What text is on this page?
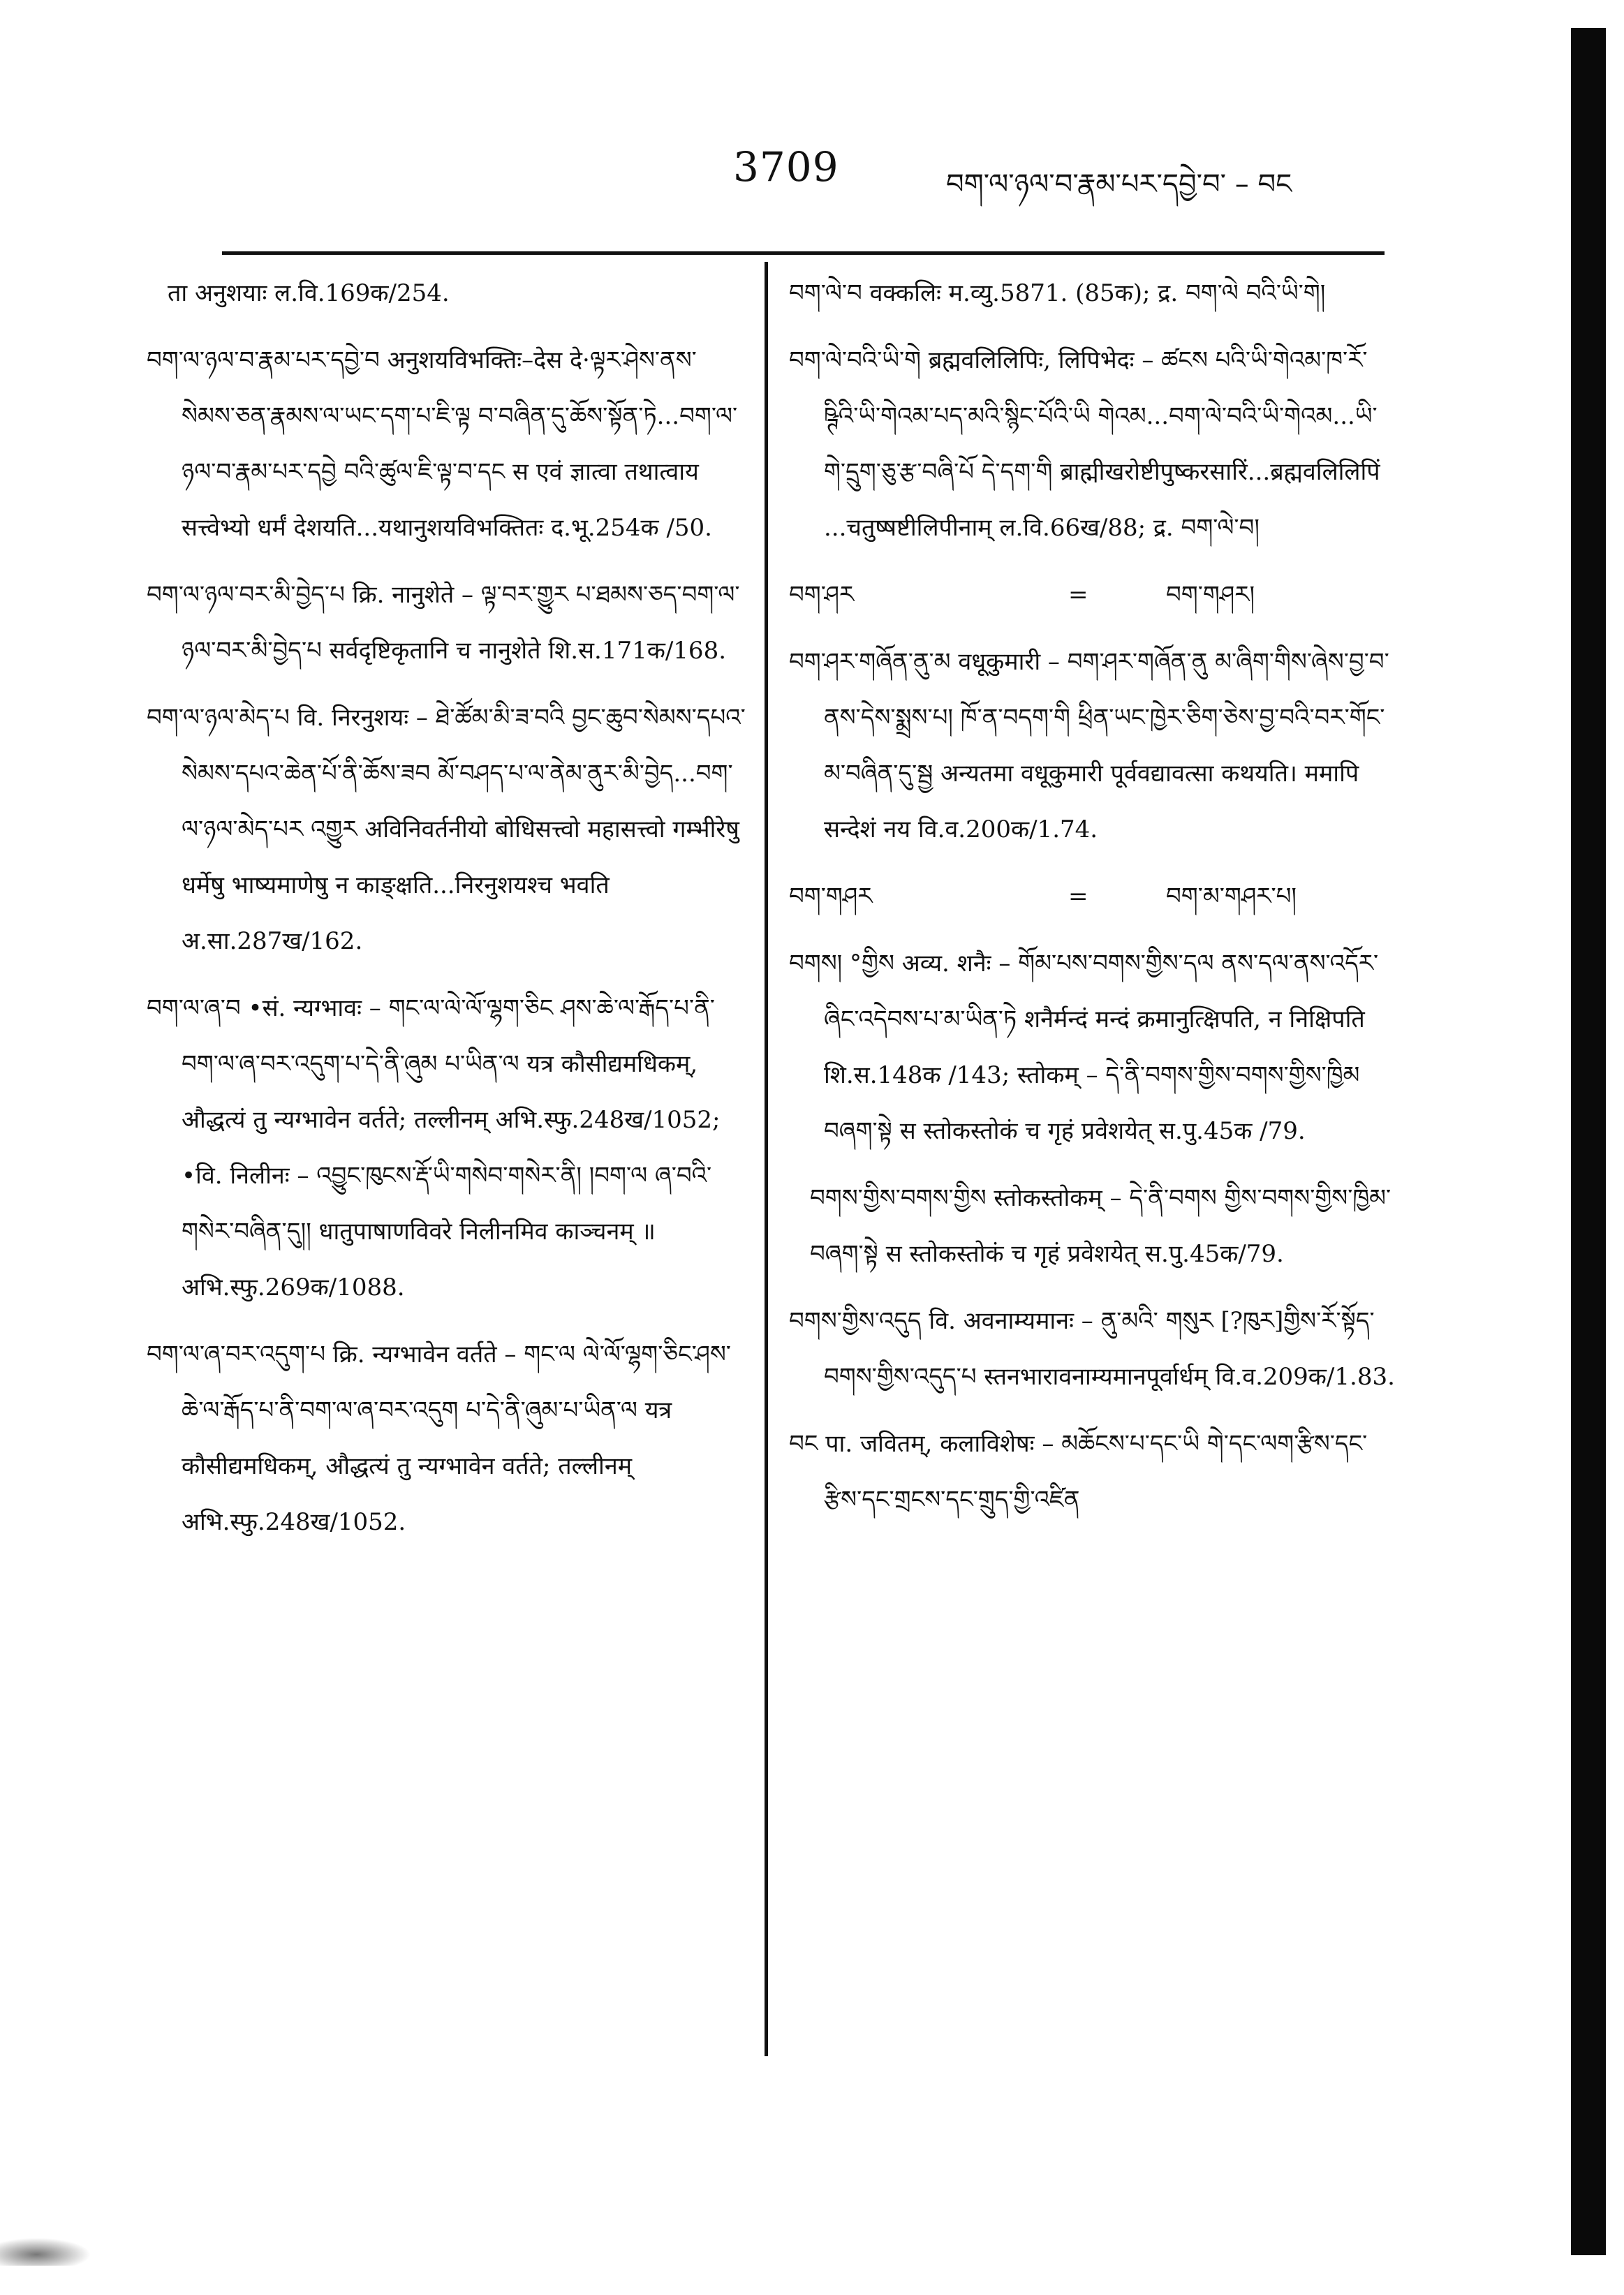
3709	བག་ལ་ཉལ་བ་རྣམ་པར་དབྱེ་བ་ – བང

ता अनुशयाः ल.वि.169क/254.

བག་ལ་ཉལ་བ་རྣམ་པར་དབྱེ་བ अनुशयविभक्तिः–देस दे·ལྟར་ཤེས་ནས་སེམས་ཅན་རྣམས་ལ་ཡང་དག་པ་ཇི་ལྟ བ་བཞིན་དུ་ཆོས་སྟོན་ཏེ...བག་ལ་ཉལ་བ་རྣམ་པར་དབྱེ བའི་ཚུལ་ཇི་ལྟ་བ་དང स एवं ज्ञात्वा तथात्वाय सत्त्वेभ्यो धर्मं देशयति...यथानुशयविभक्तितः द.भू.254क /50.

བག་ལ་ཉལ་བར་མི་བྱེད་པ क्रि. नानुशेते – ལྟ་བར་གྱུར པ་ཐམས་ཅད་བག་ལ་ཉལ་བར་མི་བྱེད་པ सर्वदृष्टिकृतानि च नानुशेते शि.स.171क/168.

བག་ལ་ཉལ་མེད་པ वि. निरनुशयः – ཐེ་ཚོམ་མི་ཟ་བའི བྱང་ཆུབ་སེམས་དཔའ་སེམས་དཔའ་ཆེན་པོ་ནི་ཆོས་ཟབ མོ་བཤད་པ་ལ་ནེམ་ནུར་མི་བྱེད...བག་ལ་ཉལ་མེད་པར འགྱུར अविनिवर्तनीयो बोधिसत्त्वो महासत्त्वो गम्भीरेषु धर्मेषु भाष्यमाणेषु न काङ्क्षति...निरनुशयश्च भवति अ.सा.287ख/162.

བག་ལ་ཞ་བ •सं. न्यग्भावः – གང་ལ་ལེ་ལོ་ལྷག་ཅིང ཤས་ཆེ་ལ་རྒོད་པ་ནི་བག་ལ་ཞ་བར་འདུག་པ་དེ་ནི་ཞུམ པ་ཡིན་ལ यत्र कौसीद्यमधिकम्, औद्धत्यं तु न्यग्भावेन वर्तते; तल्लीनम् अभि.स्फु.248ख/1052; •वि. निलीनः – འབྱུང་ཁུངས་རྡོ་ཡི་གསེབ་གསེར་ནི། །བག་ལ ཞ་བའི་གསེར་བཞིན་དུ།། धातुपाषाणविवरे निलीनमिव काञ्चनम् ॥ अभि.स्फु.269क/1088.

བག་ལ་ཞ་བར་འདུག་པ क्रि. न्यग्भावेन वर्तते – གང་ལ ལེ་ལོ་ལྷག་ཅིང་ཤས་ཆེ་ལ་རྒོད་པ་ནི་བག་ལ་ཞ་བར་འདུག པ་དེ་ནི་ཞུམ་པ་ཡིན་ལ यत्र कौसीद्यमधिकम्, औद्धत्यं तु न्यग्भावेन वर्तते; तल्लीनम् अभि.स्फु.248ख/1052.

བག་ལེ་བ वक्कलिः म.व्यु.5871. (85क); द्र. བག་ལེ བའི་ཡི་གེ།

བག་ལེ་བའི་ཡི་གེ ब्रह्मवलिलिपिः, लिपिभेदः – ཚངས པའི་ཡི་གེའམ་ཁ་རོ་ཥྚིའི་ཡི་གེའམ་པད་མའི་སྙིང་པོའི་ཡི གེའམ...བག་ལེ་བའི་ཡི་གེའམ...ཡི་གེ་དྲུག་ཅུ་རྩ་བཞི་པོ དེ་དག་གི ब्राह्मीखरोष्टीपुष्करसारिं...ब्रह्मवलिलिपिं ...चतुष्षष्टीलिपीनाम् ल.वि.66ख/88; द्र. བག་ལེ་བ།

བག་ཤར	=	བག་གཤར།

བག་ཤར་གཞོན་ནུ་མ वधूकुमारी – བག་ཤར་གཞོན་ནུ མ་ཞིག་གིས་ཞེས་བྱ་བ་ནས་དེས་སྨྲས་པ། ཁོ་ན་བདག་གི ཕྲིན་ཡང་ཁྱེར་ཅིག་ཅེས་བྱ་བའི་བར་གོང་མ་བཞིན་དུ་སྦྱ अन्यतमा वधूकुमारी पूर्ववद्यावत्सा कथयति। ममापि सन्देशं नय वि.व.200क/1.74.

བག་གཤར	=	བག་མ་གཤར་པ།

བགས། °གྱིས अव्य. शनैः – གོམ་པས་བགས་གྱིས་དལ ནས་དལ་ནས་འདོར་ཞིང་འདེབས་པ་མ་ཡིན་ཏེ शनैर्मन्दं मन्दं क्रमानुत्क्षिपति, न निक्षिपति शि.स.148क /143; स्तोकम् – དེ་ནི་བགས་གྱིས་བགས་གྱིས་ཁྱིམ བཞག་སྟེ स स्तोकस्तोकं च गृहं प्रवेशयेत् स.पु.45क /79.

བགས་གྱིས་བགས་གྱིས स्तोकस्तोकम् – དེ་ནི་བགས གྱིས་བགས་གྱིས་ཁྱིམ་བཞག་སྟེ स स्तोकस्तोकं च गृहं प्रवेशयेत् स.पु.45क/79.

བགས་གྱིས་འདུད वि. अवनाम्यमानः – ནུ་མའི་ གསུར [?ཁུར]གྱིས་རོ་སྟོད་བགས་གྱིས་འདུད་པ स्तनभारावनाम्यमानपूर्वार्धम् वि.व.209क/1.83.

བང पा. जवितम्, कलाविशेषः – མཆོངས་པ་དང་ཡི གེ་དང་ལག་རྩིས་དང་རྩིས་དང་གྲངས་དང་གྲུད་གྱི་འཛིན
